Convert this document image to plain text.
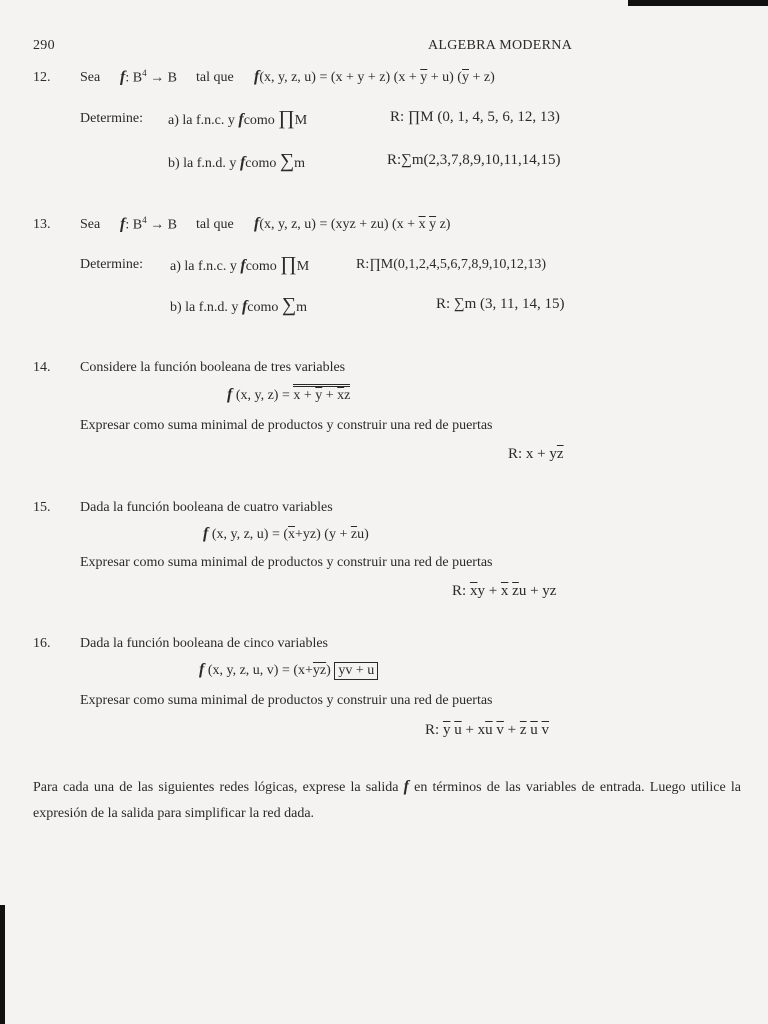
290	ALGEBRA MODERNA
12. Sea f: $B^4 \to B$ tal que f(x, y, z, u) = (x + y + z) $(x + \overline{y} + u)$ $(\overline{y} + z)$
Determine: a) la f.n.c. y fcomo ∏M	R: ∏M (0, 1, 4, 5, 6, 12, 13)
b) la f.n.d. y fcomo ∑m	R:∑m(2,3,7,8,9,10,11,14,15)
13. Sea f: $B^4 \to B$ tal que f(x, y, z, u) = (xyz + zu) ($x + \overline{x}$ $\overline{y}$ z)
Determine: a) la f.n.c. y fcomo ∏M	R:∏M(0,1,2,4,5,6,7,8,9,10,12,13)
b) la f.n.d. y fcomo ∑m	R: ∑m (3, 11, 14, 15)
14. Considere la función booleana de tres variables
f (x, y, $z) = x + \overline{y} + \overline{x}z$
Expresar como suma minimal de productos y construir una red de puertas
R: $x + y\overline{z}$
15. Dada la función booleana de cuatro variables
f (x, y, z, $u) = (\overline{x}+yz) (y + \overline{z}u)$
Expresar como suma minimal de productos y construir una red de puertas
R: $\overline{x}y + \overline{x}$ $\overline{z}u$ + yz
16. Dada la función booleana de cinco variables
f (x, y, z, u, $v) = (x+\overline{yz})$ yv + u
Expresar como suma minimal de productos y construir una red de puertas
R: $\overline{y}$ $\overline{u} + x\overline{u}$ $\overline{v} + \overline{z}$ $\overline{u}$ $\overline{v}$
Para cada una de las siguientes redes lógicas, exprese la salida f en términos de las variables de entrada. Luego utilice la expresión de la salida para simplificar la red dada.
